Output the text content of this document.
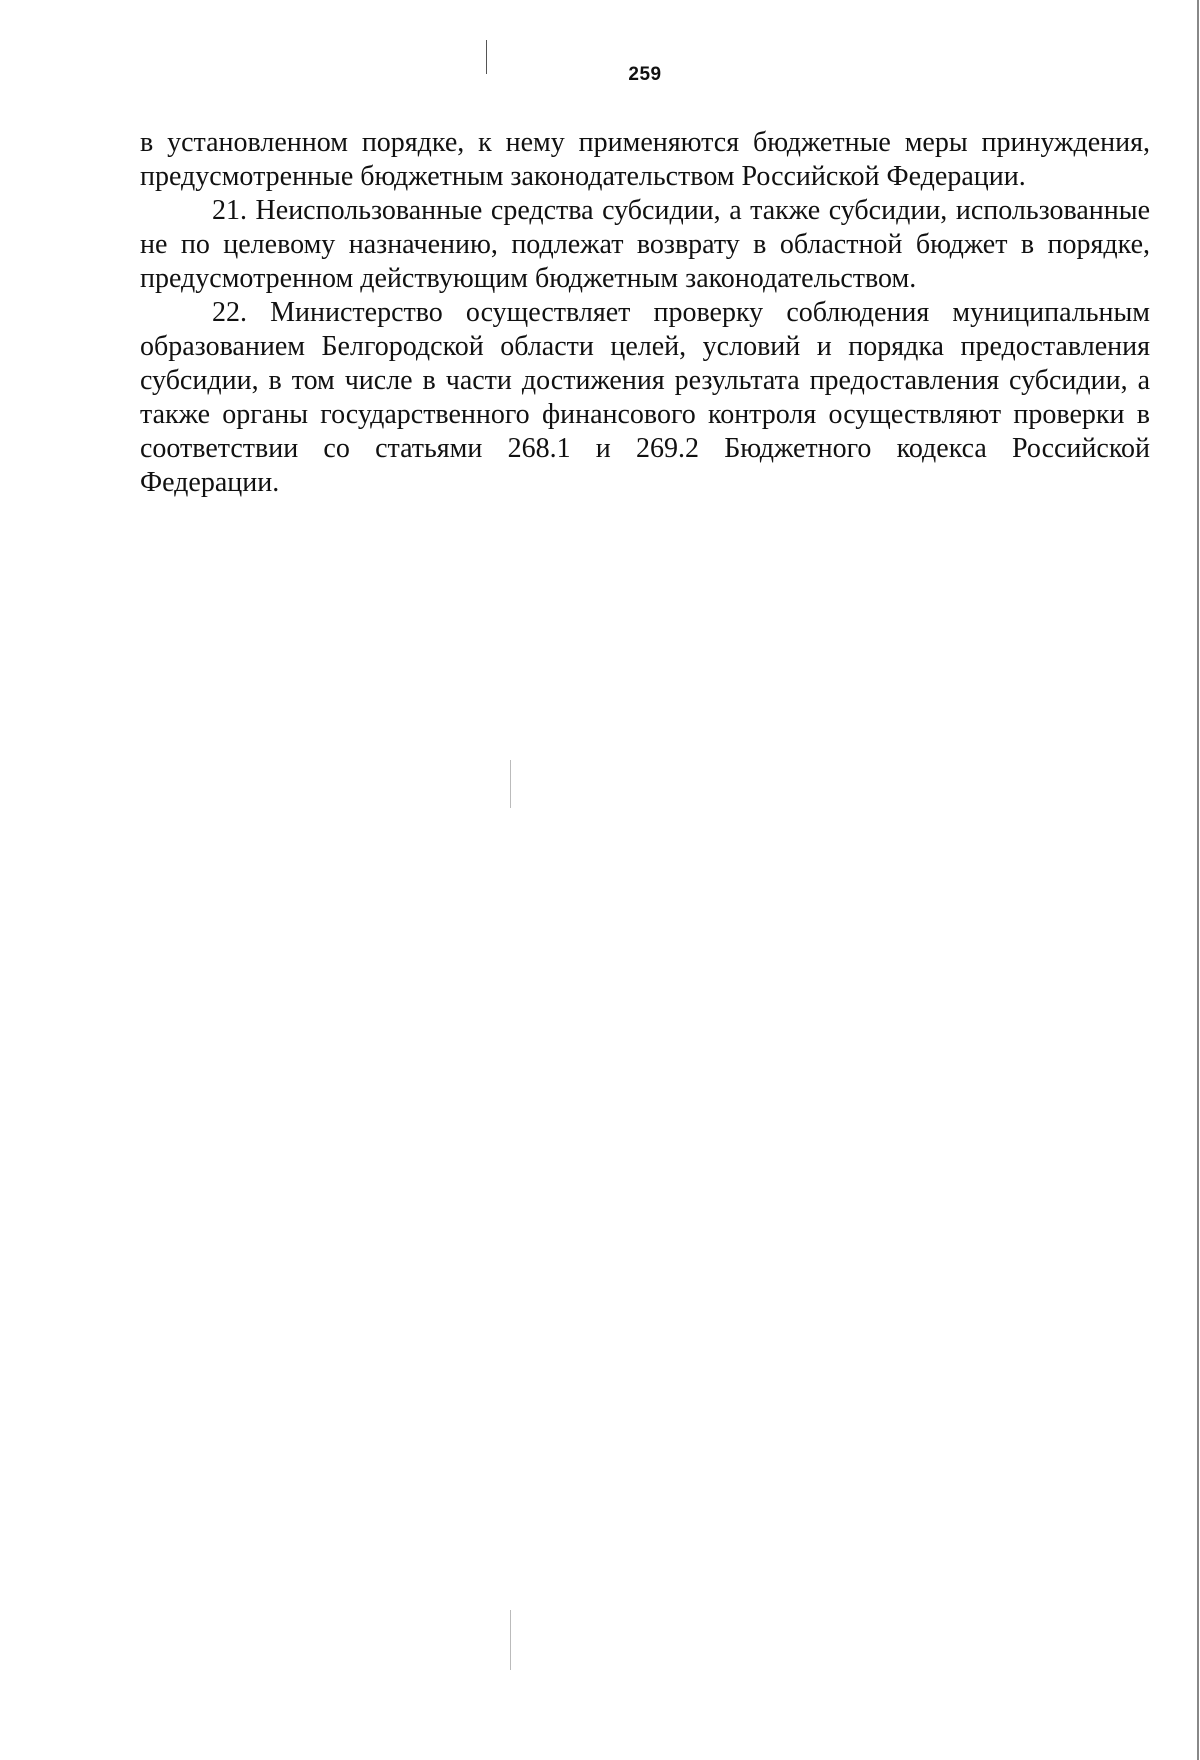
259

в установленном порядке, к нему применяются бюджетные меры принуждения, предусмотренные бюджетным законодательством Российской Федерации.

21. Неиспользованные средства субсидии, а также субсидии, использованные не по целевому назначению, подлежат возврату в областной бюджет в порядке, предусмотренном действующим бюджетным законодательством.

22. Министерство осуществляет проверку соблюдения муниципальным образованием Белгородской области целей, условий и порядка предоставления субсидии, в том числе в части достижения результата предоставления субсидии, а также органы государственного финансового контроля осуществляют проверки в соответствии со статьями 268.1 и 269.2 Бюджетного кодекса Российской Федерации.
